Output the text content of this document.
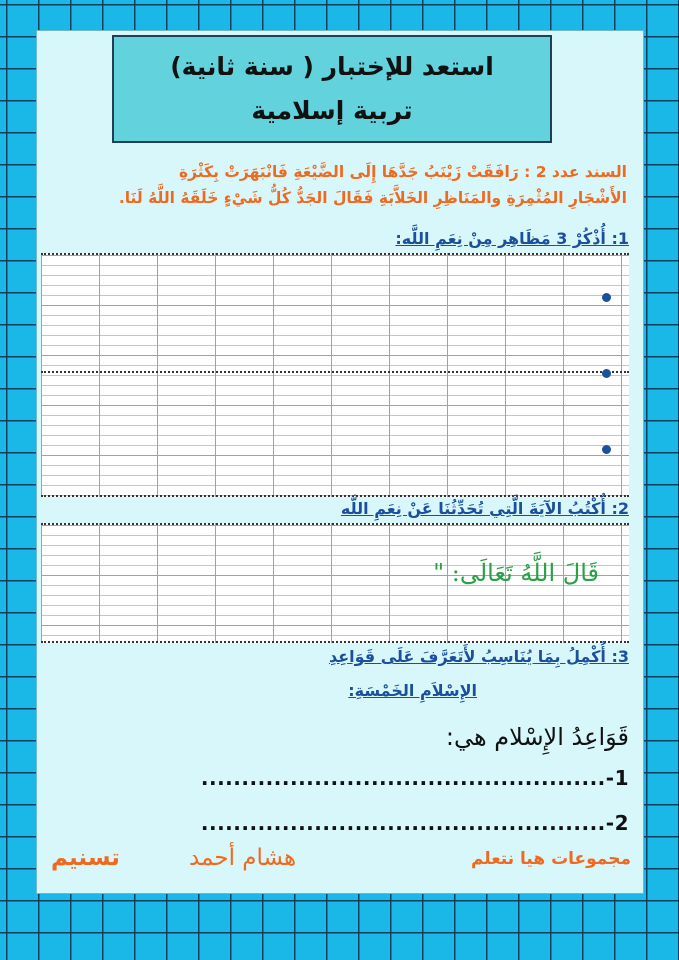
استعد للإختبار ( سنة ثانية)
تربية إسلامية
السند عدد 2 : رَافَقَتْ زَيْنَبُ جَدَّهَا إِلَى الضَّيْعَةِ فَانْبَهَرَتْ بِكَثْرَةِ
الأَشْجَارِ المُثْمِرَةِ والمَنَاظِرِ الخَلاَّبَةِ فَقَالَ الجَدُّ كُلُّ شَيْءٍ خَلَقَهُ اللَّهُ لَنَا.
1: أُذْكُرْ 3 مَظَاهِر مِنْ نِعَمِ اللَّه:
2: أُكْتُبُ الآيَةَ الَّتِي تُحَدِّثُنَا عَنْ نِعَمِ اللَّه
قَالَ اللَّهُ تَعَالَى: "
3: أُكْمِلُ بِمَا يُنَاسِبُ لأَتَعَرَّفَ عَلَى قَوَاعِدِ
الإِسْلاَمِ الخَمْسَةِ:
قَوَاعِدُ الإِسْلام هي:
1-..................................................
2-..................................................
مجموعات هيا نتعلم
هشام أحمد
تسنيم
